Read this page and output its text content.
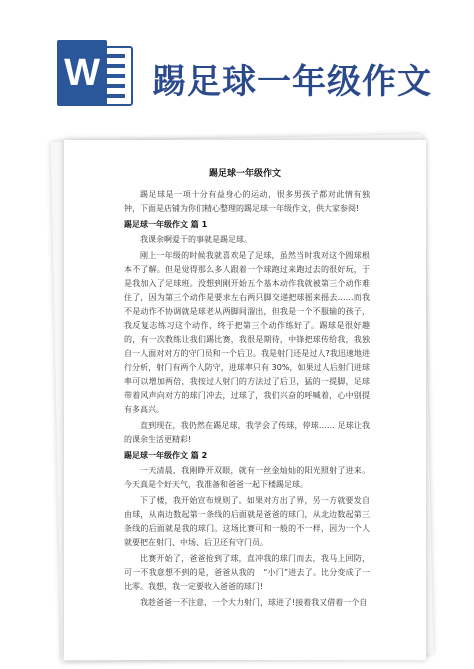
W 踢足球一年级作文
踢足球一年级作文

踢足球是一项十分有益身心的运动，很多男孩子都对此情有独钟，下面是店铺为你们精心整理的踢足球一年级作文，供大家参阅!

踢足球一年级作文 篇 1

我课余啊爱干的事就是踢足球。

刚上一年级的时候我就喜欢是了足球，虽然当时我对这个圆球根本不了解。但是觉得那么多人跟着一个球跑过来跑过去的很好玩，于是我加入了足球班。没想到刚开始五个基本动作我就被第三个动作难住了，因为第三个动作是要求左右两只脚交递把球摇来摇去……而我不是动作不协调就是球老从两脚间溜出，但我是一个不服输的孩子，我反复志练习这个动作，终于把第三个动作练好了。踢球是很好趣的，有一次教练让我们踢比赛，我很是期待，中锋把球传给我，我独自一人面对对方的守门员和一个后卫。我是射门还是过人?我迅速地进行分析，射门有两个人防守，进球率只有 30%，如果过人后射门进球率可以增加两倍，我按过人射门的方法过了后卫，猛的一提脚，足球带着风声向对方的球门冲去，过球了，我们兴奋的呼喊着，心中别提有多高兴。

直到现在，我仍然在踢足球，我学会了传球，停球…… 足球让我的课余生活更精彩!

踢足球一年级作文 篇 2

一天清晨，我刚睁开双眼，就有一丝金灿灿的阳光照射了进来。今天真是个好天气，我准备和爸爸一起下楼踢足球。

下了楼，我开始宣布规则了。如果对方出了界，另一方就要发自由球，从南边数起第一条线的后面就是爸爸的球门，从北边数起第三条线的后面就是我的球门。这场比赛可和一般的不一样，因为一个人就要把在射门、中场、后卫还有守门员。

比赛开始了，爸爸抢到了球，直冲我的球门而去，我马上回防，可一不我意想不到的是，爸爸从我的　“小门”进去了。比分变成了一比零。我想，我一定要收入爸爸的球门!

我趁爸爸一不注意，一个大力射门，球进了!接着我又借着一个自
